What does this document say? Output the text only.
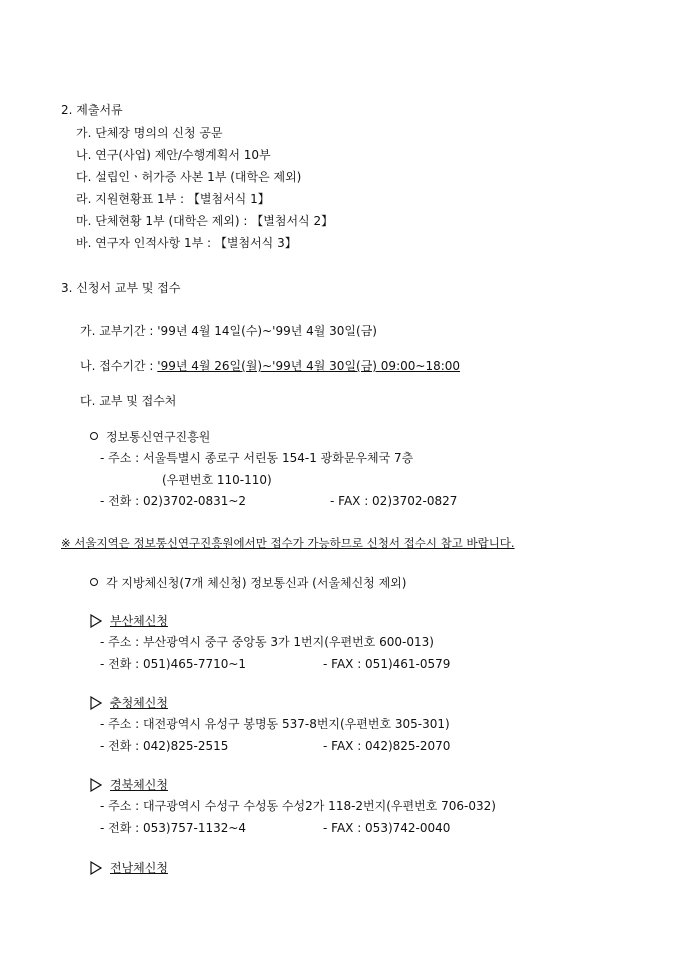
2. 제출서류
가. 단체장 명의의 신청 공문
나. 연구(사업) 제안/수행계획서 10부
다. 설립인ㆍ허가증 사본 1부 (대학은 제외)
라. 지원현황표 1부 : 【별첨서식 1】
마. 단체현황 1부 (대학은 제외) : 【별첨서식 2】
바. 연구자 인적사항 1부 : 【별첨서식 3】
3. 신청서 교부 및 접수
가. 교부기간 : '99년 4월 14일(수)~'99년 4월 30일(금)
나. 접수기간 : '99년 4월 26일(월)~'99년 4월 30일(금) 09:00~18:00
다. 교부 및 접수처
정보통신연구진흥원
- 주소 : 서울특별시 종로구 서린동 154-1 광화문우체국 7층
(우편번호 110-110)
- 전화 : 02)3702-0831~2	- FAX : 02)3702-0827
※ 서울지역은 정보통신연구진흥원에서만 접수가 가능하므로 신청서 접수시 참고 바랍니다.
각 지방체신청(7개 체신청) 정보통신과 (서울체신청 제외)
부산체신청
- 주소 : 부산광역시 중구 중앙동 3가 1번지(우편번호 600-013)
- 전화 : 051)465-7710~1	- FAX : 051)461-0579
충청체신청
- 주소 : 대전광역시 유성구 봉명동 537-8번지(우편번호 305-301)
- 전화 : 042)825-2515	- FAX : 042)825-2070
경북체신청
- 주소 : 대구광역시 수성구 수성동 수성2가 118-2번지(우편번호 706-032)
- 전화 : 053)757-1132~4	- FAX : 053)742-0040
전남체신청
